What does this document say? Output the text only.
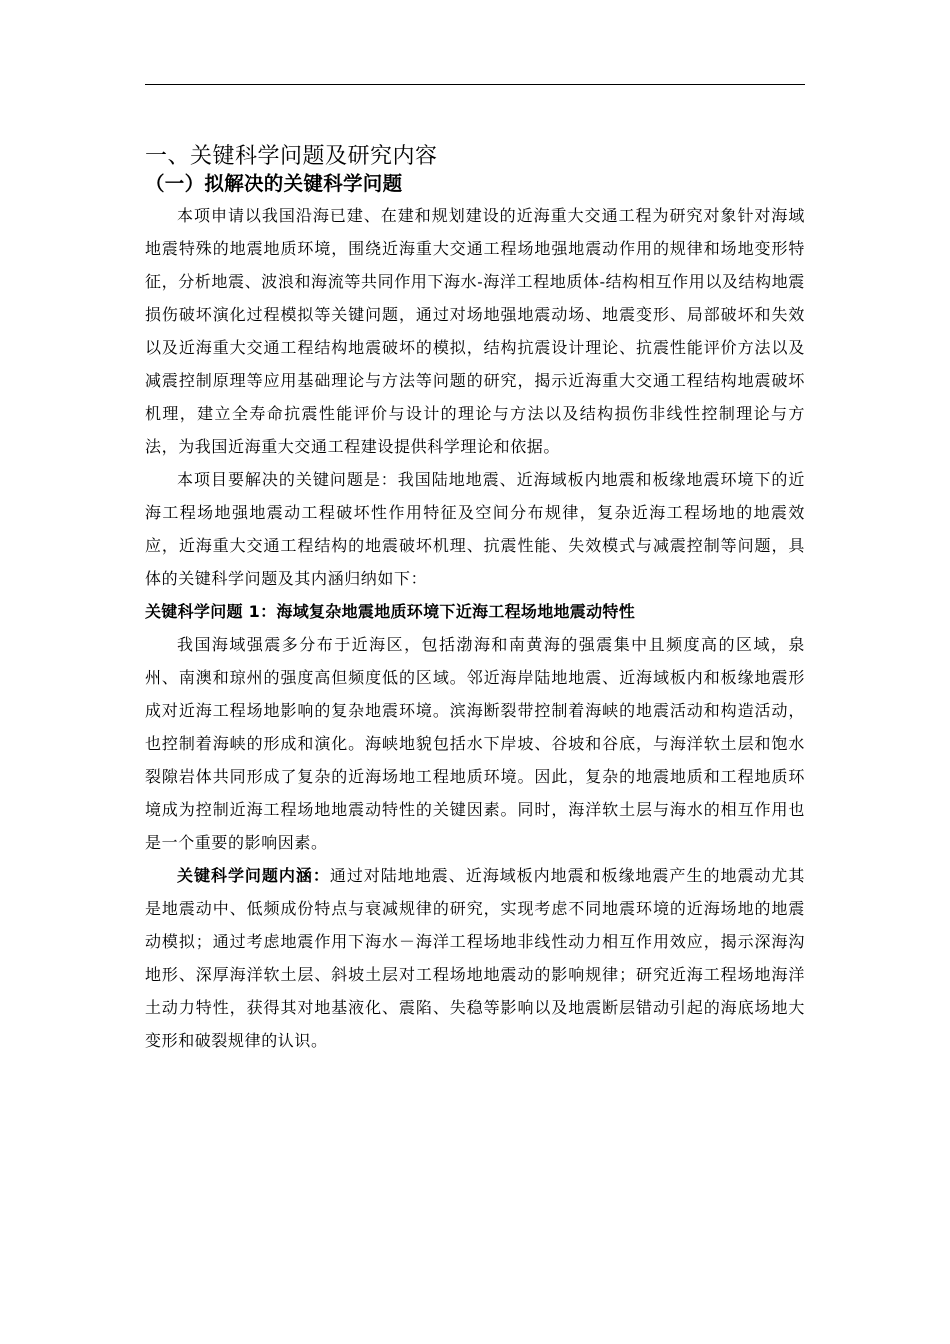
一、关键科学问题及研究内容
（一）拟解决的关键科学问题

本项申请以我国沿海已建、在建和规划建设的近海重大交通工程为研究对象针对海域地震特殊的地震地质环境，围绕近海重大交通工程场地强地震动作用的规律和场地变形特征，分析地震、波浪和海流等共同作用下海水-海洋工程地质体-结构相互作用以及结构地震损伤破坏演化过程模拟等关键问题，通过对场地强地震动场、地震变形、局部破坏和失效以及近海重大交通工程结构地震破坏的模拟，结构抗震设计理论、抗震性能评价方法以及减震控制原理等应用基础理论与方法等问题的研究，揭示近海重大交通工程结构地震破坏机理，建立全寿命抗震性能评价与设计的理论与方法以及结构损伤非线性控制理论与方法，为我国近海重大交通工程建设提供科学理论和依据。

本项目要解决的关键问题是：我国陆地地震、近海域板内地震和板缘地震环境下的近海工程场地强地震动工程破坏性作用特征及空间分布规律，复杂近海工程场地的地震效应，近海重大交通工程结构的地震破坏机理、抗震性能、失效模式与减震控制等问题，具体的关键科学问题及其内涵归纳如下：

关键科学问题 1：海域复杂地震地质环境下近海工程场地地震动特性

我国海域强震多分布于近海区，包括渤海和南黄海的强震集中且频度高的区域，泉州、南澳和琼州的强度高但频度低的区域。邻近海岸陆地地震、近海域板内和板缘地震形成对近海工程场地影响的复杂地震环境。滨海断裂带控制着海峡的地震活动和构造活动，也控制着海峡的形成和演化。海峡地貌包括水下岸坡、谷坡和谷底，与海洋软土层和饱水裂隙岩体共同形成了复杂的近海场地工程地质环境。因此，复杂的地震地质和工程地质环境成为控制近海工程场地地震动特性的关键因素。同时，海洋软土层与海水的相互作用也是一个重要的影响因素。

关键科学问题内涵：通过对陆地地震、近海域板内地震和板缘地震产生的地震动尤其是地震动中、低频成份特点与衰减规律的研究，实现考虑不同地震环境的近海场地的地震动模拟；通过考虑地震作用下海水－海洋工程场地非线性动力相互作用效应，揭示深海沟地形、深厚海洋软土层、斜坡土层对工程场地地震动的影响规律；研究近海工程场地海洋土动力特性，获得其对地基液化、震陷、失稳等影响以及地震断层错动引起的海底场地大变形和破裂规律的认识。
